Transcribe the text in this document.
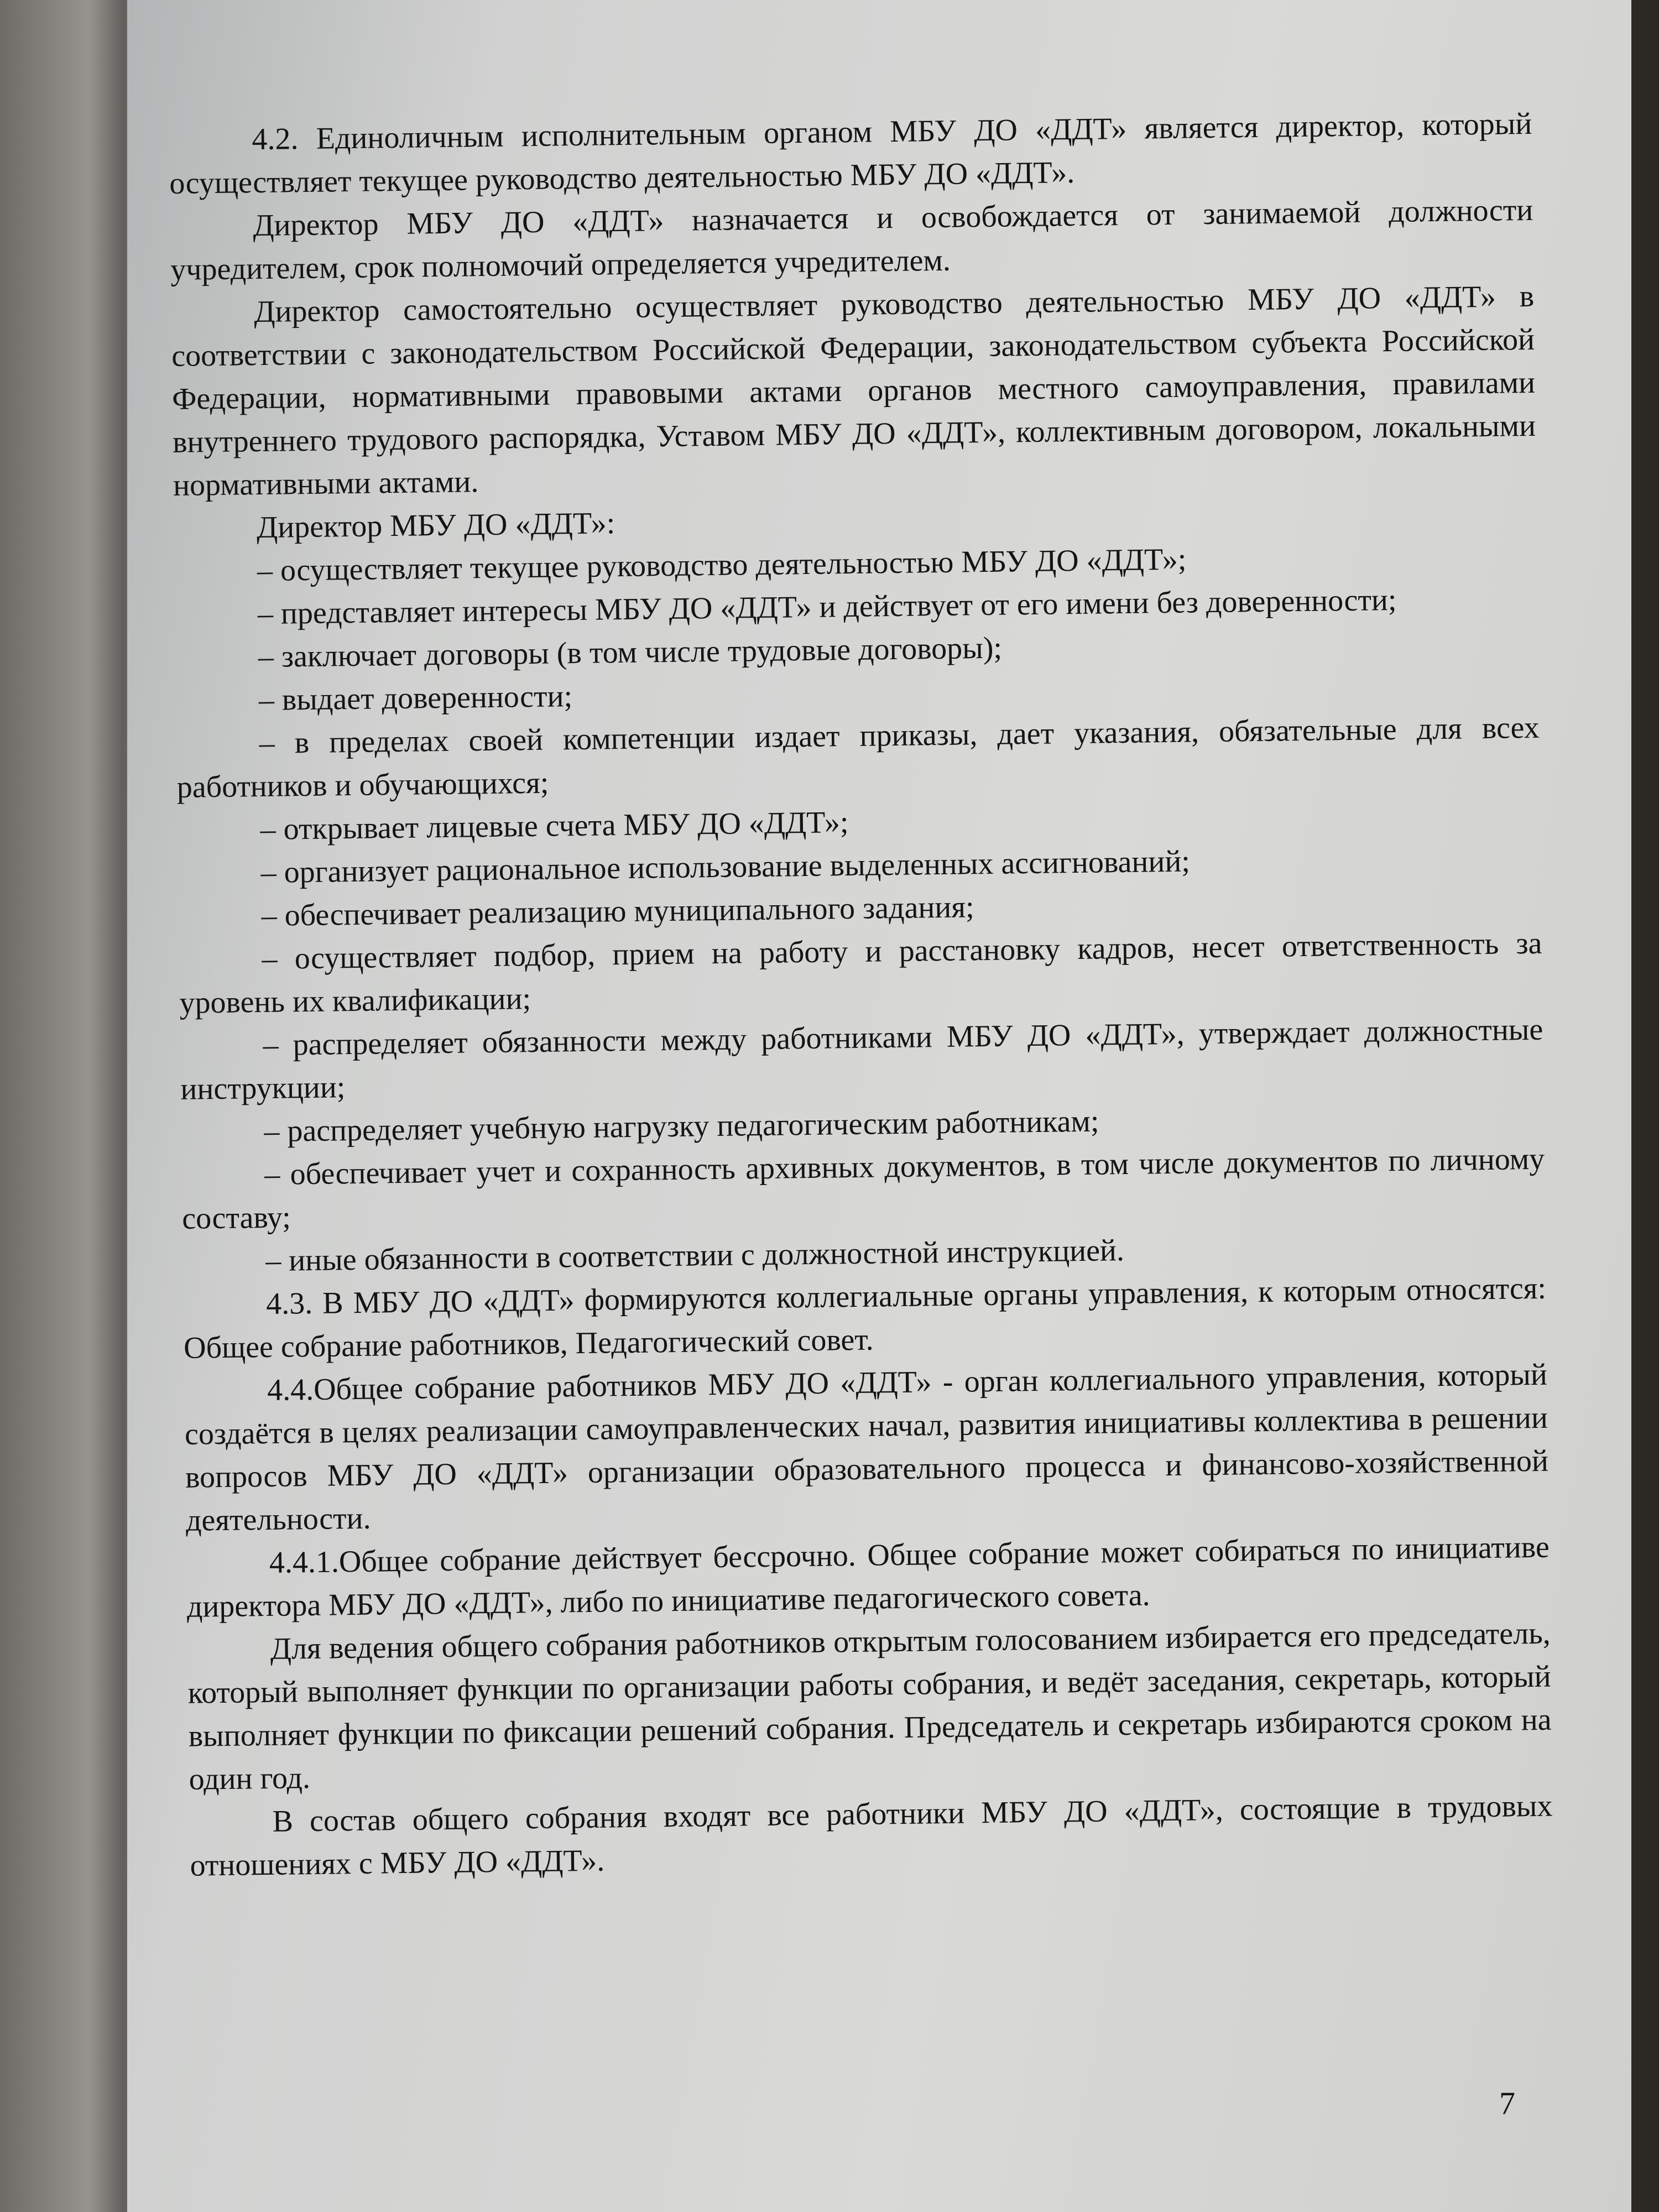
4.2. Единоличным исполнительным органом МБУ ДО «ДДТ» является директор, который осуществляет текущее руководство деятельностью МБУ ДО «ДДТ».

Директор МБУ ДО «ДДТ» назначается и освобождается от занимаемой должности учредителем, срок полномочий определяется учредителем.

Директор самостоятельно осуществляет руководство деятельностью МБУ ДО «ДДТ» в соответствии с законодательством Российской Федерации, законодательством субъекта Российской Федерации, нормативными правовыми актами органов местного самоуправления, правилами внутреннего трудового распорядка, Уставом МБУ ДО «ДДТ», коллективным договором, локальными нормативными актами.

Директор МБУ ДО «ДДТ»:

– осуществляет текущее руководство деятельностью МБУ ДО «ДДТ»;

– представляет интересы МБУ ДО «ДДТ» и действует от его имени без доверенности;

– заключает договоры (в том числе трудовые договоры);

– выдает доверенности;

– в пределах своей компетенции издает приказы, дает указания, обязательные для всех работников и обучающихся;

– открывает лицевые счета МБУ ДО «ДДТ»;

– организует рациональное использование выделенных ассигнований;

– обеспечивает реализацию муниципального задания;

– осуществляет подбор, прием на работу и расстановку кадров, несет ответственность за уровень их квалификации;

– распределяет обязанности между работниками МБУ ДО «ДДТ», утверждает должностные инструкции;

– распределяет учебную нагрузку педагогическим работникам;

– обеспечивает учет и сохранность архивных документов, в том числе документов по личному составу;

– иные обязанности в соответствии с должностной инструкцией.

4.3. В МБУ ДО «ДДТ» формируются коллегиальные органы управления, к которым относятся: Общее собрание работников, Педагогический совет.

4.4.Общее собрание работников МБУ ДО «ДДТ» - орган коллегиального управления, который создаётся в целях реализации самоуправленческих начал, развития инициативы коллектива в решении вопросов МБУ ДО «ДДТ» организации образовательного процесса и финансово-хозяйственной деятельности.

4.4.1.Общее собрание действует бессрочно. Общее собрание может собираться по инициативе директора МБУ ДО «ДДТ», либо по инициативе педагогического совета.

Для ведения общего собрания работников открытым голосованием избирается его председатель, который выполняет функции по организации работы собрания, и ведёт заседания, секретарь, который выполняет функции по фиксации решений собрания. Председатель и секретарь избираются сроком на один год.

В состав общего собрания входят все работники МБУ ДО «ДДТ», состоящие в трудовых отношениях с МБУ ДО «ДДТ».

7
